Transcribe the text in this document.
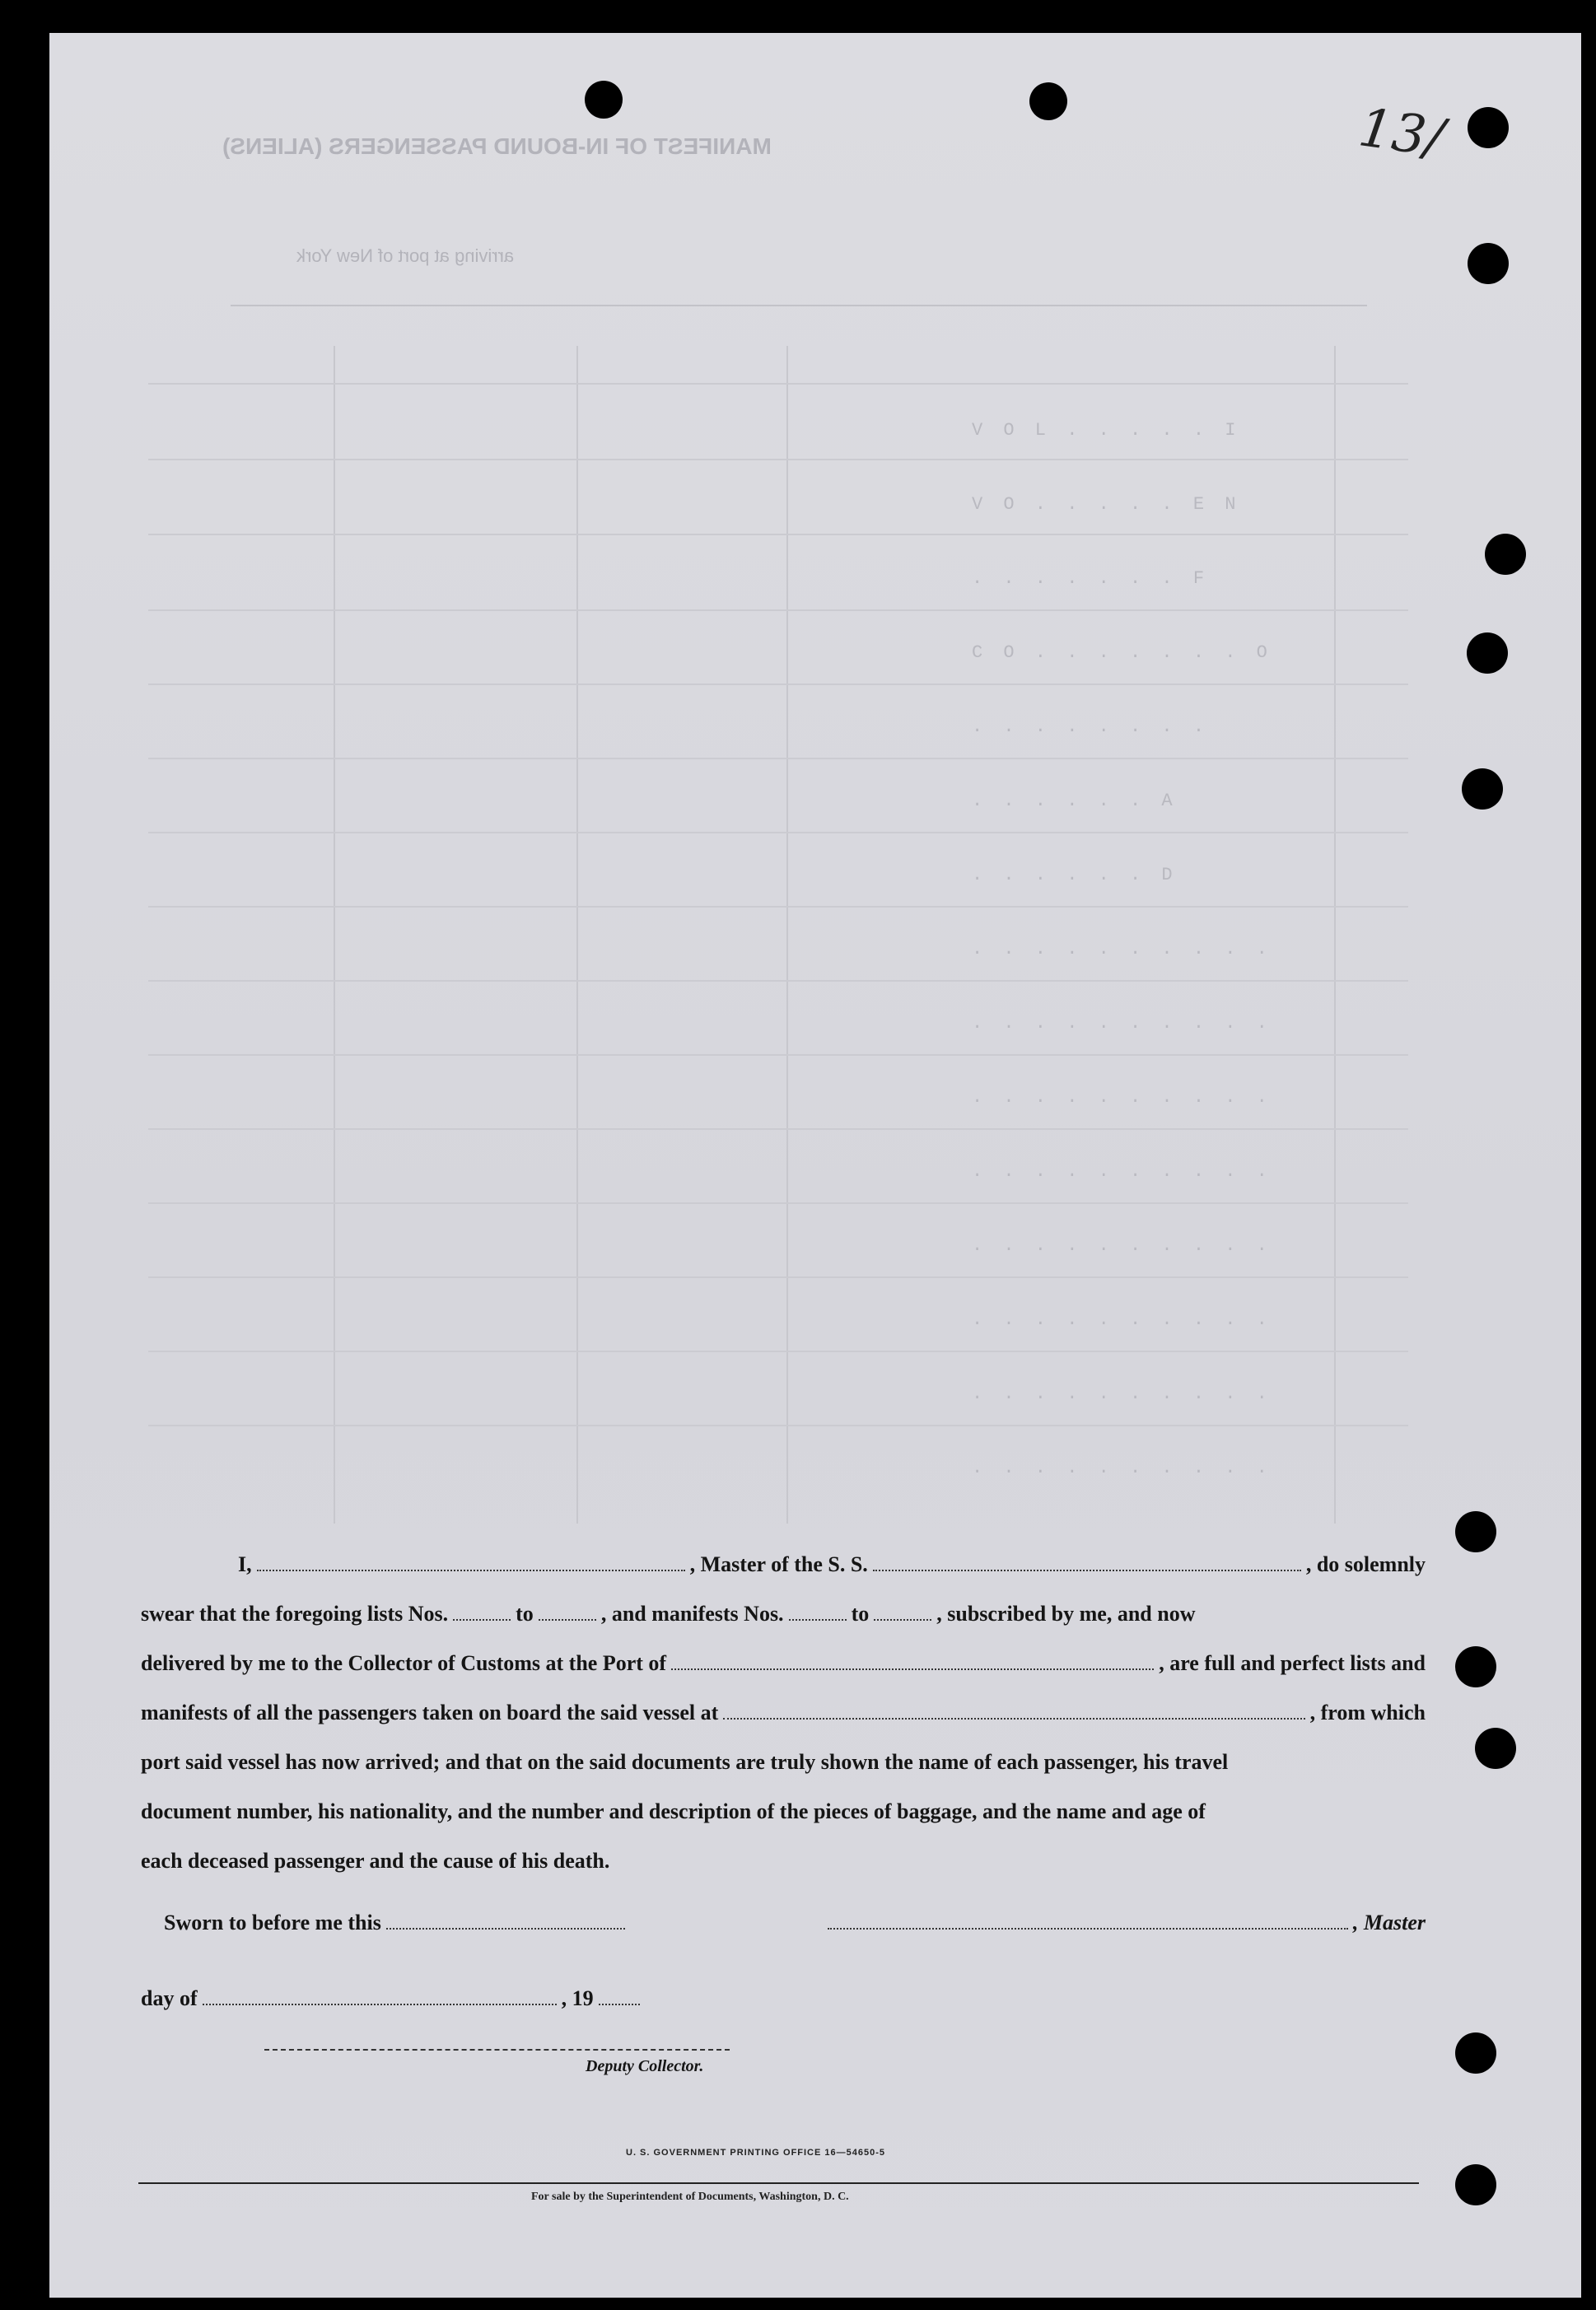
MANIFEST OF IN-BOUND PASSENGERS (ALIENS)
arriving at port of New York
13/
V O L . . . . . I
V O . . . . . E N
. . . . . . . F
C O . . . . . . . O
. . . . . . . .
. . . . . . A
. . . . . . D
. . . . . . . . . .
. . . . . . . . . .
. . . . . . . . . .
. . . . . . . . . .
. . . . . . . . . .
. . . . . . . . . .
. . . . . . . . . .
. . . . . . . . . .
I,	, Master of the S. S.	, do solemnly
swear that the foregoing lists Nos.	to	, and manifests Nos.	to	, subscribed by me, and now
delivered by me to the Collector of Customs at the Port of	, are full and perfect lists and
manifests of all the passengers taken on board the said vessel at	, from which
port said vessel has now arrived; and that on the said documents are truly shown the name of each passenger, his travel
document number, his nationality, and the number and description of the pieces of baggage, and the name and age of
each deceased passenger and the cause of his death.
Sworn to before me this	, Master
day of	, 19
Deputy Collector.
U. S. GOVERNMENT PRINTING OFFICE 16—54650-5
For sale by the Superintendent of Documents, Washington, D. C.
